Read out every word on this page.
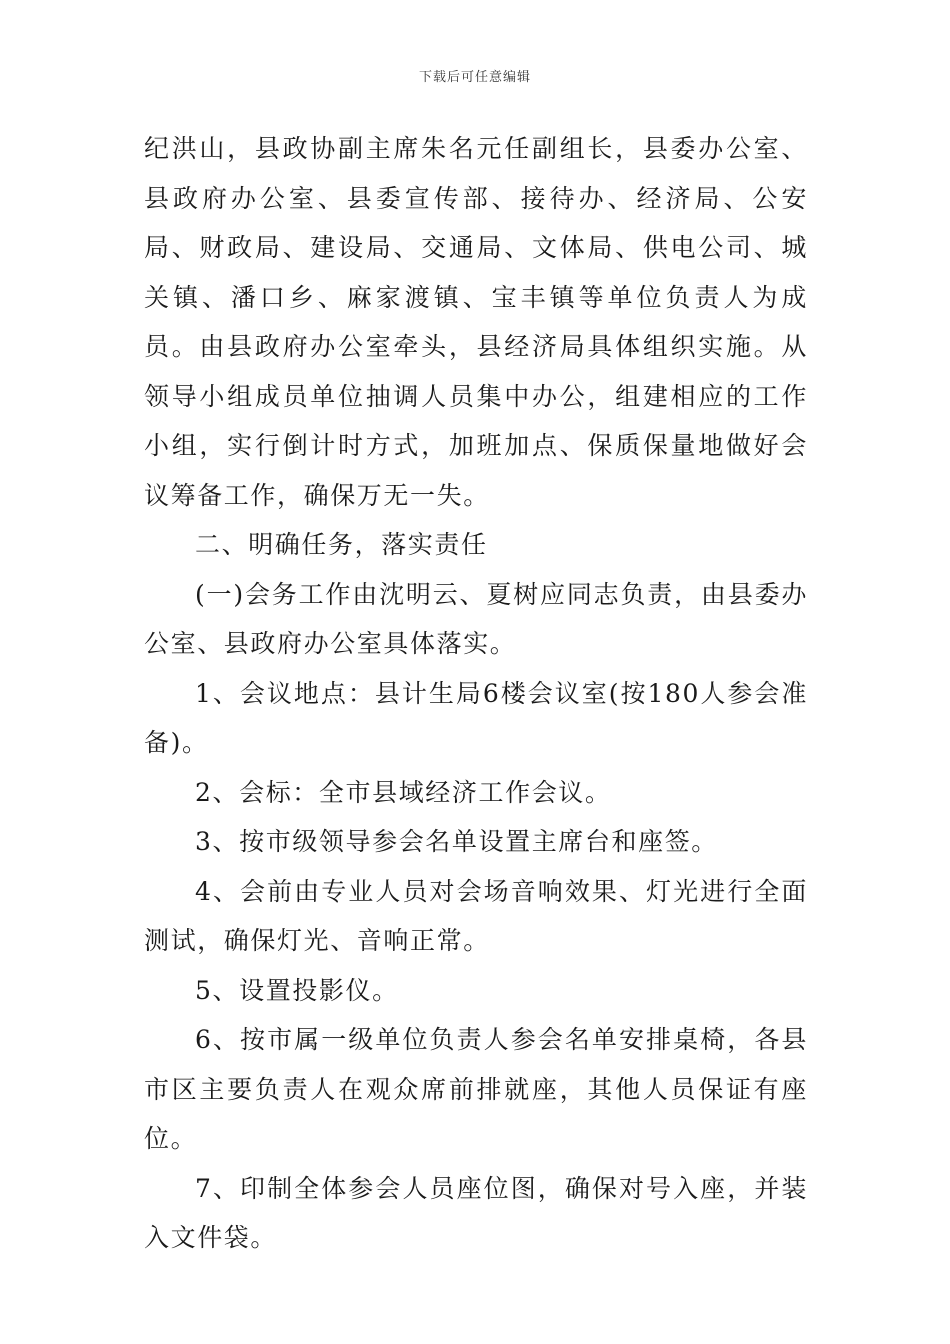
下载后可任意编辑

纪洪山，县政协副主席朱名元任副组长，县委办公室、县政府办公室、县委宣传部、接待办、经济局、公安局、财政局、建设局、交通局、文体局、供电公司、城关镇、潘口乡、麻家渡镇、宝丰镇等单位负责人为成员。由县政府办公室牵头，县经济局具体组织实施。从领导小组成员单位抽调人员集中办公，组建相应的工作小组，实行倒计时方式，加班加点、保质保量地做好会议筹备工作，确保万无一失。

二、明确任务，落实责任

(一)会务工作由沈明云、夏树应同志负责，由县委办公室、县政府办公室具体落实。

1、会议地点：县计生局6楼会议室(按180人参会准备)。

2、会标：全市县域经济工作会议。

3、按市级领导参会名单设置主席台和座签。

4、会前由专业人员对会场音响效果、灯光进行全面测试，确保灯光、音响正常。

5、设置投影仪。

6、按市属一级单位负责人参会名单安排桌椅，各县市区主要负责人在观众席前排就座，其他人员保证有座位。

7、印制全体参会人员座位图，确保对号入座，并装入文件袋。
